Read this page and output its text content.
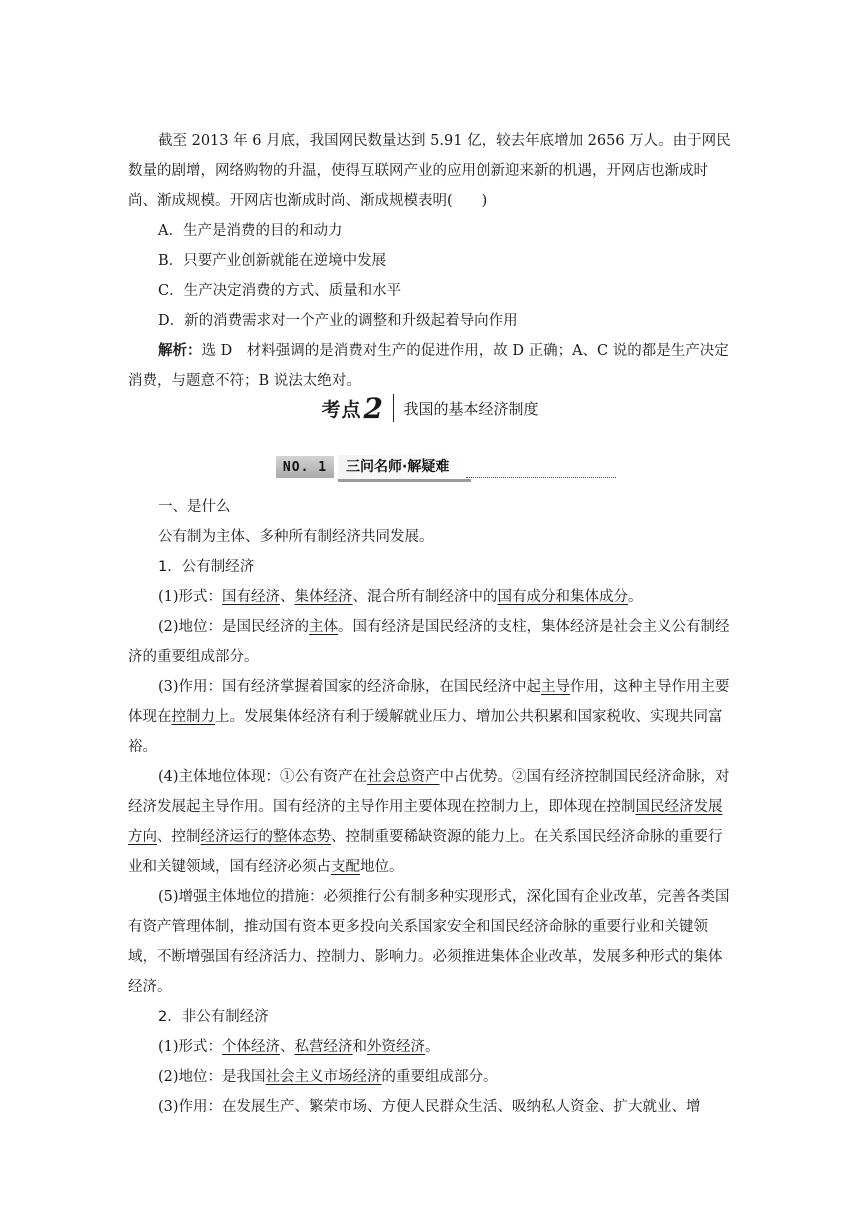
截至 2013 年 6 月底，我国网民数量达到 5.91 亿，较去年底增加 2656 万人。由于网民数量的剧增，网络购物的升温，使得互联网产业的应用创新迎来新的机遇，开网店也渐成时尚、渐成规模。开网店也渐成时尚、渐成规模表明(　　)

A．生产是消费的目的和动力

B．只要产业创新就能在逆境中发展

C．生产决定消费的方式、质量和水平

D．新的消费需求对一个产业的调整和升级起着导向作用

解析：选 D　材料强调的是消费对生产的促进作用，故 D 正确；A、C 说的都是生产决定消费，与题意不符；B 说法太绝对。

考点 2 我国的基本经济制度
NO. 1	三问名师·解疑难

一、是什么

公有制为主体、多种所有制经济共同发展。

1．公有制经济

(1)形式：国有经济、集体经济、混合所有制经济中的国有成分和集体成分。

(2)地位：是国民经济的主体。国有经济是国民经济的支柱，集体经济是社会主义公有制经济的重要组成部分。

(3)作用：国有经济掌握着国家的经济命脉，在国民经济中起主导作用，这种主导作用主要体现在控制力上。发展集体经济有利于缓解就业压力、增加公共积累和国家税收、实现共同富裕。

(4)主体地位体现：①公有资产在社会总资产中占优势。②国有经济控制国民经济命脉，对经济发展起主导作用。国有经济的主导作用主要体现在控制力上，即体现在控制国民经济发展方向、控制经济运行的整体态势、控制重要稀缺资源的能力上。在关系国民经济命脉的重要行业和关键领域，国有经济必须占支配地位。

(5)增强主体地位的措施：必须推行公有制多种实现形式，深化国有企业改革，完善各类国有资产管理体制，推动国有资本更多投向关系国家安全和国民经济命脉的重要行业和关键领域，不断增强国有经济活力、控制力、影响力。必须推进集体企业改革，发展多种形式的集体经济。

2．非公有制经济

(1)形式：个体经济、私营经济和外资经济。

(2)地位：是我国社会主义市场经济的重要组成部分。

(3)作用：在发展生产、繁荣市场、方便人民群众生活、吸纳私人资金、扩大就业、增
